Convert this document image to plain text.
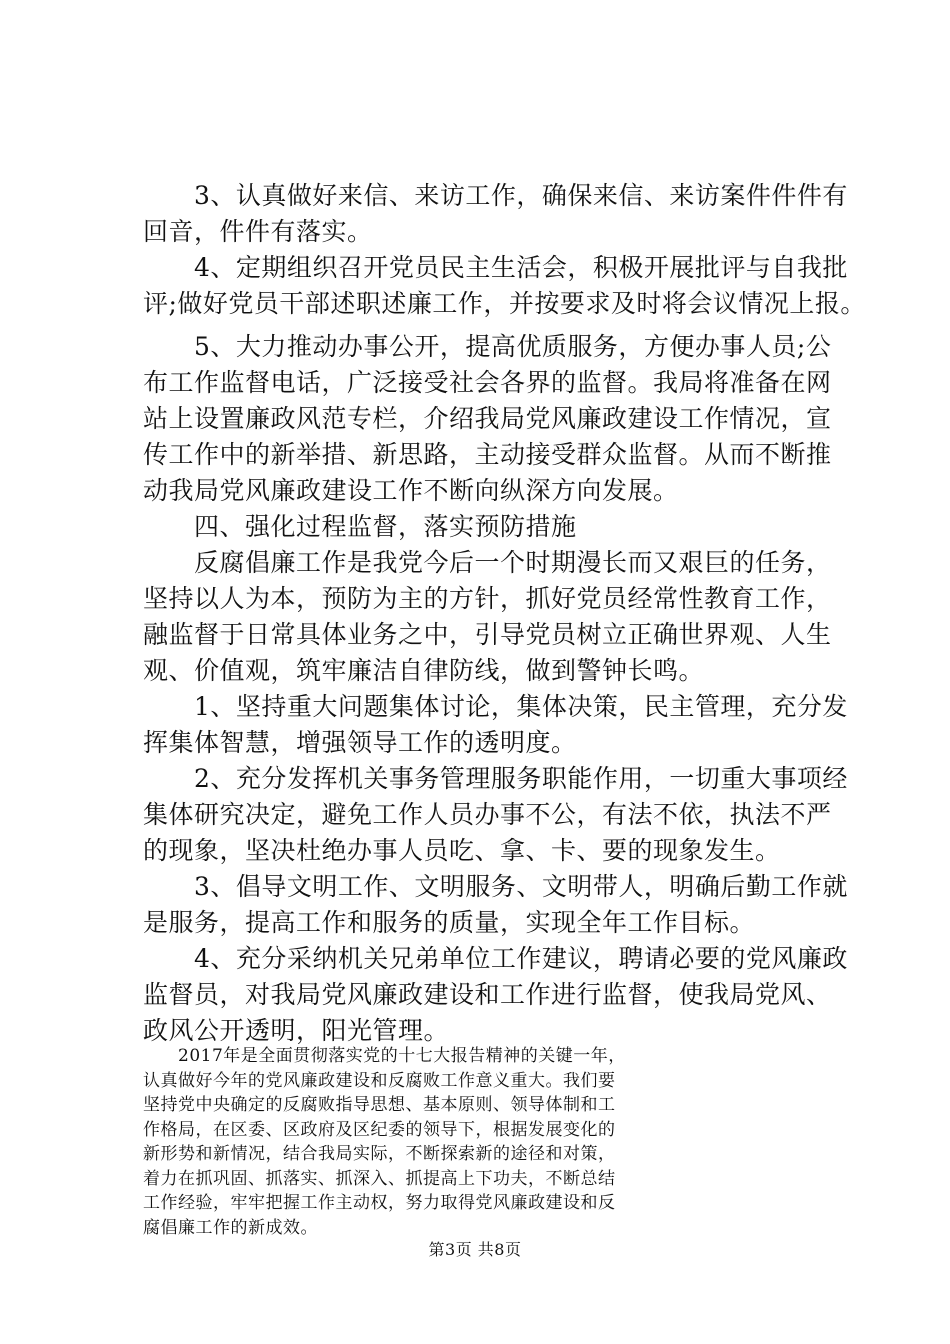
　　3、认真做好来信、来访工作，确保来信、来访案件件件有
回音，件件有落实。
　　4、定期组织召开党员民主生活会，积极开展批评与自我批
评;做好党员干部述职述廉工作，并按要求及时将会议情况上报。
　　5、大力推动办事公开，提高优质服务，方便办事人员;公
布工作监督电话，广泛接受社会各界的监督。我局将准备在网
站上设置廉政风范专栏，介绍我局党风廉政建设工作情况，宣
传工作中的新举措、新思路，主动接受群众监督。从而不断推
动我局党风廉政建设工作不断向纵深方向发展。
　　四、强化过程监督，落实预防措施
　　反腐倡廉工作是我党今后一个时期漫长而又艰巨的任务，
坚持以人为本，预防为主的方针，抓好党员经常性教育工作，
融监督于日常具体业务之中，引导党员树立正确世界观、人生
观、价值观，筑牢廉洁自律防线，做到警钟长鸣。
　　1、坚持重大问题集体讨论，集体决策，民主管理，充分发
挥集体智慧，增强领导工作的透明度。
　　2、充分发挥机关事务管理服务职能作用，一切重大事项经
集体研究决定，避免工作人员办事不公，有法不依，执法不严
的现象，坚决杜绝办事人员吃、拿、卡、要的现象发生。
　　3、倡导文明工作、文明服务、文明带人，明确后勤工作就
是服务，提高工作和服务的质量，实现全年工作目标。
　　4、充分采纳机关兄弟单位工作建议，聘请必要的党风廉政
监督员，对我局党风廉政建设和工作进行监督，使我局党风、
政风公开透明，阳光管理。
　　2017年是全面贯彻落实党的十七大报告精神的关键一年，
认真做好今年的党风廉政建设和反腐败工作意义重大。我们要
坚持党中央确定的反腐败指导思想、基本原则、领导体制和工
作格局，在区委、区政府及区纪委的领导下，根据发展变化的
新形势和新情况，结合我局实际，不断探索新的途径和对策，
第3页 共8页
着力在抓巩固、抓落实、抓深入、抓提高上下功夫，不断总结
工作经验，牢牢把握工作主动权，努力取得党风廉政建设和反
腐倡廉工作的新成效。
